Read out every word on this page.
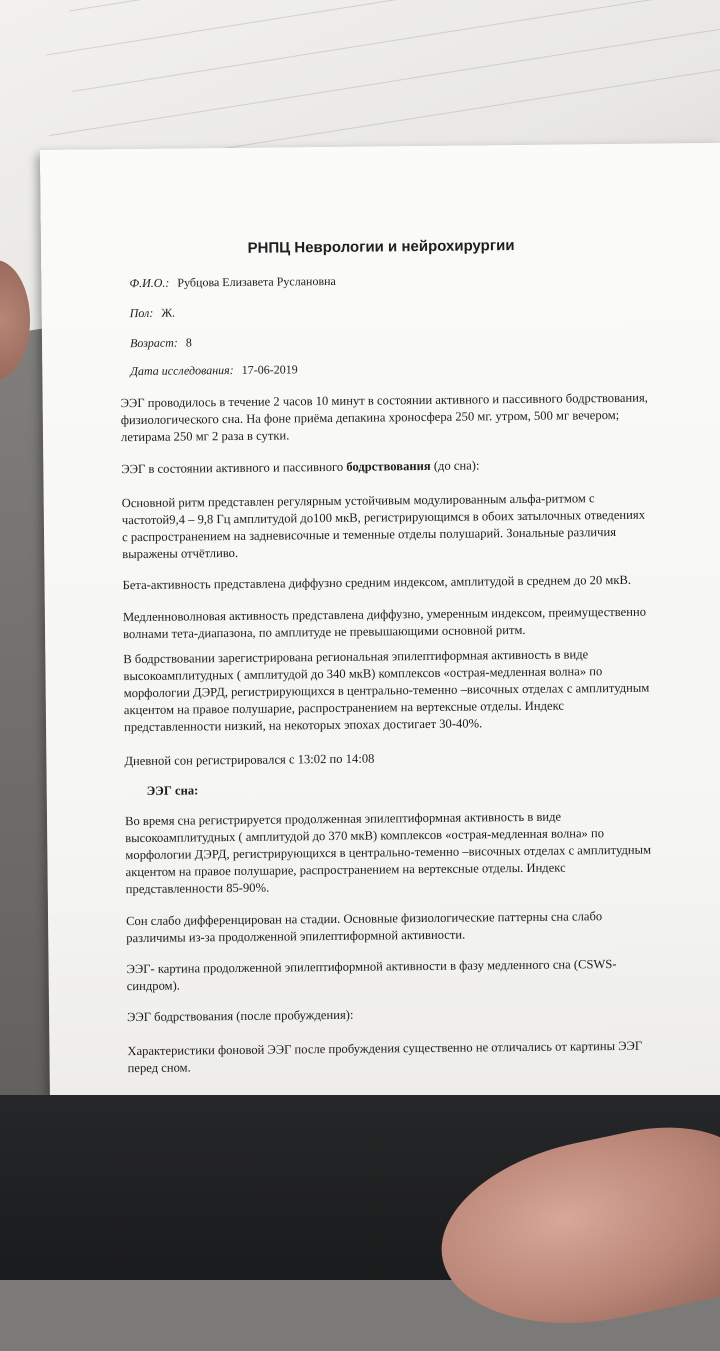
РНПЦ Неврологии и нейрохирургии
Ф.И.О.: Рубцова Елизавета Руслановна
Пол: Ж.
Возраст: 8
Дата исследования: 17-06-2019

ЭЭГ проводилось в течение 2 часов 10 минут в состоянии активного и пассивного бодрствования,

физиологического сна. На фоне приёма депакина хроносфера 250 мг. утром, 500 мг вечером;

летирама 250 мг 2 раза в сутки.

ЭЭГ в состоянии активного и пассивного бодрствования (до сна):

Основной ритм представлен регулярным устойчивым модулированным альфа-ритмом с

частотой9,4 – 9,8 Гц амплитудой до100 мкВ, регистрирующимся в обоих затылочных отведениях

с распространением на задневисочные и теменные отделы полушарий. Зональные различия

выражены отчётливо.

Бета-активность представлена диффузно средним индексом, амплитудой в среднем до 20 мкВ.

Медленноволновая активность представлена диффузно, умеренным индексом, преимущественно

волнами тета-диапазона, по амплитуде не превышающими основной ритм.

В бодрствовании зарегистрирована региональная эпилептиформная активность в виде

высокоамплитудных ( амплитудой до 340 мкВ) комплексов «острая-медленная волна» по

морфологии ДЭРД, регистрирующихся в центрально-теменно –височных отделах с амплитудным

акцентом на правое полушарие, распространением на вертексные отделы. Индекс

представленности низкий, на некоторых эпохах достигает 30-40%.

Дневной сон регистрировался с 13:02 по 14:08
ЭЭГ сна:

Во время сна регистрируется продолженная эпилептиформная активность в виде

высокоамплитудных ( амплитудой до 370 мкВ) комплексов «острая-медленная волна» по

морфологии ДЭРД, регистрирующихся в центрально-теменно –височных отделах с амплитудным

акцентом на правое полушарие, распространением на вертексные отделы. Индекс

представленности 85-90%.

Сон слабо дифференцирован на стадии. Основные физиологические паттерны сна слабо

различимы из-за продолженной эпилептиформной активности.

ЭЭГ- картина продолженной эпилептиформной активности в фазу медленного сна (CSWS-

синдром).

ЭЭГ бодрствования (после пробуждения):

Характеристики фоновой ЭЭГ после пробуждения существенно не отличались от картины ЭЭГ

перед сном.
